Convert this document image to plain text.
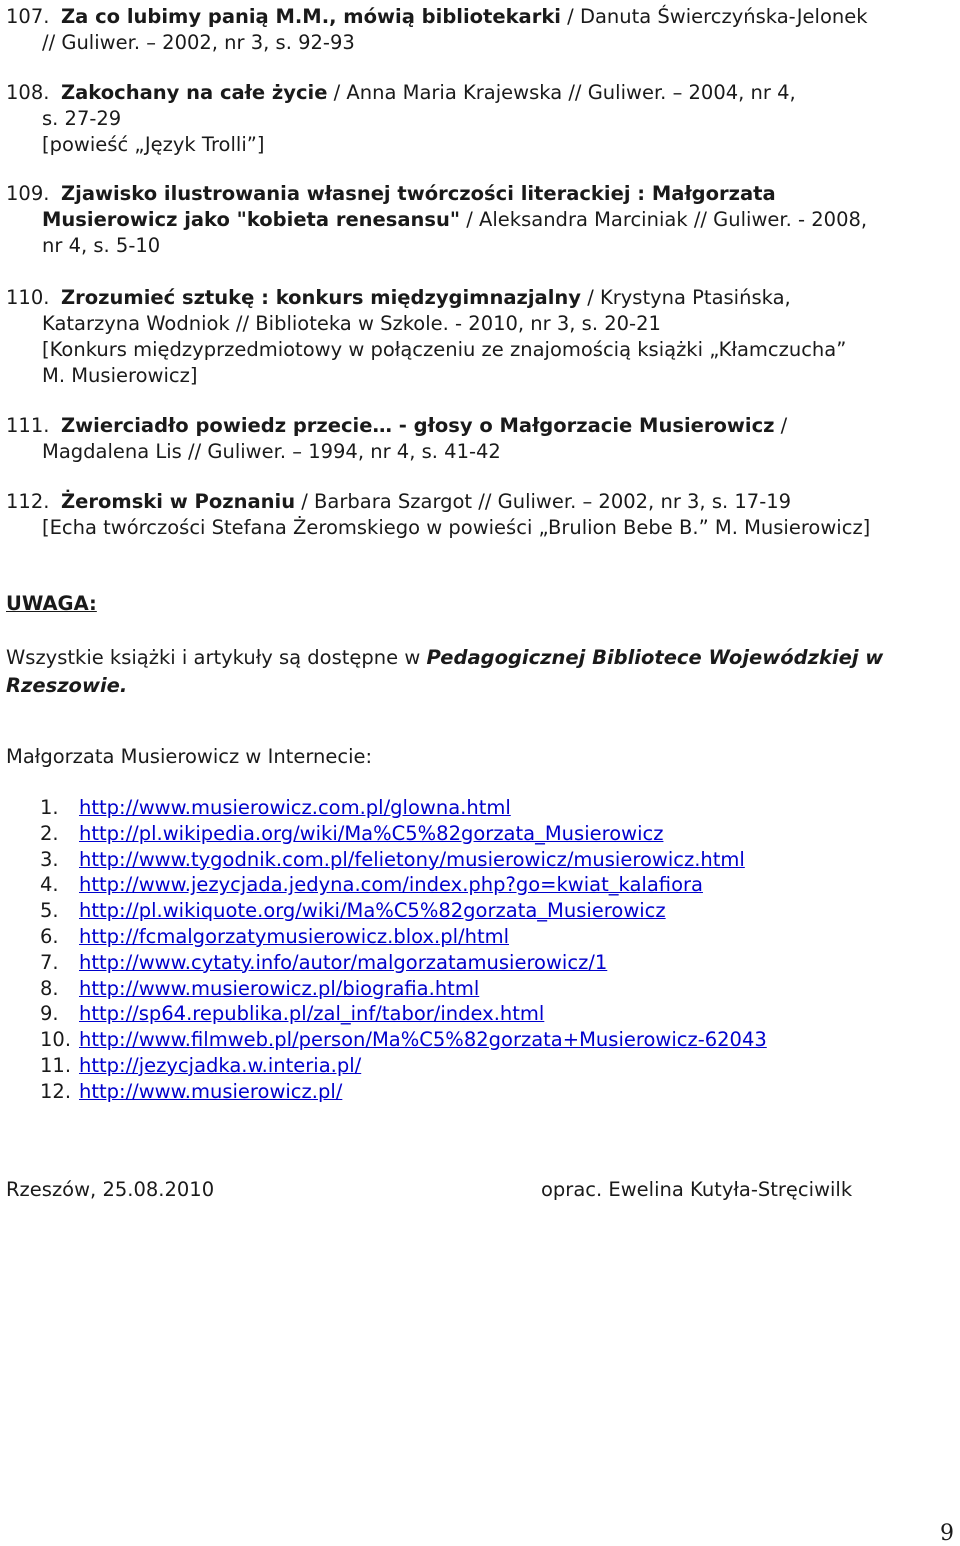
107. Za co lubimy panią M.M., mówią bibliotekarki / Danuta Świerczyńska-Jelonek
// Guliwer. – 2002, nr 3, s. 92-93
108. Zakochany na całe życie / Anna Maria Krajewska // Guliwer. – 2004, nr 4,
s. 27-29
[powieść „Język Trolli”]
109. Zjawisko ilustrowania własnej twórczości literackiej : Małgorzata
Musierowicz jako "kobieta renesansu" / Aleksandra Marciniak // Guliwer. - 2008,
nr 4, s. 5-10
110. Zrozumieć sztukę : konkurs międzygimnazjalny / Krystyna Ptasińska,
Katarzyna Wodniok // Biblioteka w Szkole. - 2010, nr 3, s. 20-21
[Konkurs międzyprzedmiotowy w połączeniu ze znajomością książki „Kłamczucha”
M. Musierowicz]
111. Zwierciadło powiedz przecie… - głosy o Małgorzacie Musierowicz /
Magdalena Lis // Guliwer. – 1994, nr 4, s. 41-42
112. Żeromski w Poznaniu / Barbara Szargot // Guliwer. – 2002, nr 3, s. 17-19
[Echa twórczości Stefana Żeromskiego w powieści „Brulion Bebe B.” M. Musierowicz]
UWAGA:
Wszystkie książki i artykuły są dostępne w Pedagogicznej Bibliotece Wojewódzkiej w Rzeszowie.
Małgorzata Musierowicz w Internecie:
1. http://www.musierowicz.com.pl/glowna.html
2. http://pl.wikipedia.org/wiki/Ma%C5%82gorzata_Musierowicz
3. http://www.tygodnik.com.pl/felietony/musierowicz/musierowicz.html
4. http://www.jezycjada.jedyna.com/index.php?go=kwiat_kalafiora
5. http://pl.wikiquote.org/wiki/Ma%C5%82gorzata_Musierowicz
6. http://fcmalgorzatymusierowicz.blox.pl/html
7. http://www.cytaty.info/autor/malgorzatamusierowicz/1
8. http://www.musierowicz.pl/biografia.html
9. http://sp64.republika.pl/zal_inf/tabor/index.html
10. http://www.filmweb.pl/person/Ma%C5%82gorzata+Musierowicz-62043
11. http://jezycjadka.w.interia.pl/
12. http://www.musierowicz.pl/
Rzeszów, 25.08.2010	oprac. Ewelina Kutyła-Stręciwilk
9
